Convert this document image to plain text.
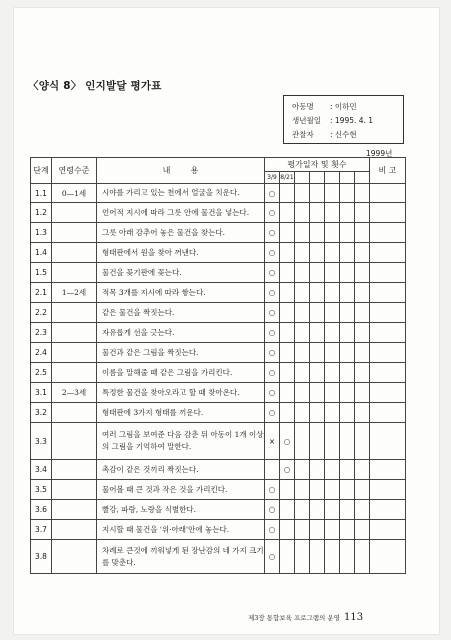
〈양식 8〉 인지발달 평가표
아동명	: 이하민
생년월일	: 1995. 4. 1
관찰자	: 신수현
1999년
단계	연령수준	내        용	평가일자 및 횟수							비 고
			3/9	8/21						
1.1	0—1세	시야를 가리고 있는 천에서 얼굴을 치운다.	○							
1.2		언어적 지시에 따라 그릇 안에 물건을 넣는다.	○							
1.3		그릇 아래 감추어 놓은 물건을 찾는다.	○							
1.4		형태판에서 원을 찾아 꺼낸다.	○							
1.5		물건을 꽂기판에 꽂는다.	○							
2.1	1—2세	적목 3개를 지시에 따라 쌓는다.	○							
2.2		같은 물건을 짝짓는다.	○							
2.3		자유롭게 선을 긋는다.	○							
2.4		물건과 같은 그림을 짝짓는다.	○							
2.5		이름을 말해줄 때 같은 그림을 가리킨다.	○							
3.1	2—3세	특정한 물건을 찾아오라고 할 때 찾아온다.	○							
3.2		형태판에 3가지 형태를 끼운다.	○							
3.3		여러 그림을 보여준 다음 감춘 뒤 아동이 1개 이상의 그림을 기억하여 말한다.	×	○						
3.4		촉감이 같은 것끼리 짝짓는다.		○						
3.5		물어볼 때 큰 것과 작은 것을 가리킨다.	○							
3.6		빨강, 파랑, 노랑을 식별한다.	○							
3.7		지시할 때 물건을 '위·아래'안에 놓는다.	○							
3.8		차례로 큰것에 끼워넣게 된 장난감의 네 가지 크기를 맞춘다.	○							
제3장 통합보육 프로그램의 운영 113
